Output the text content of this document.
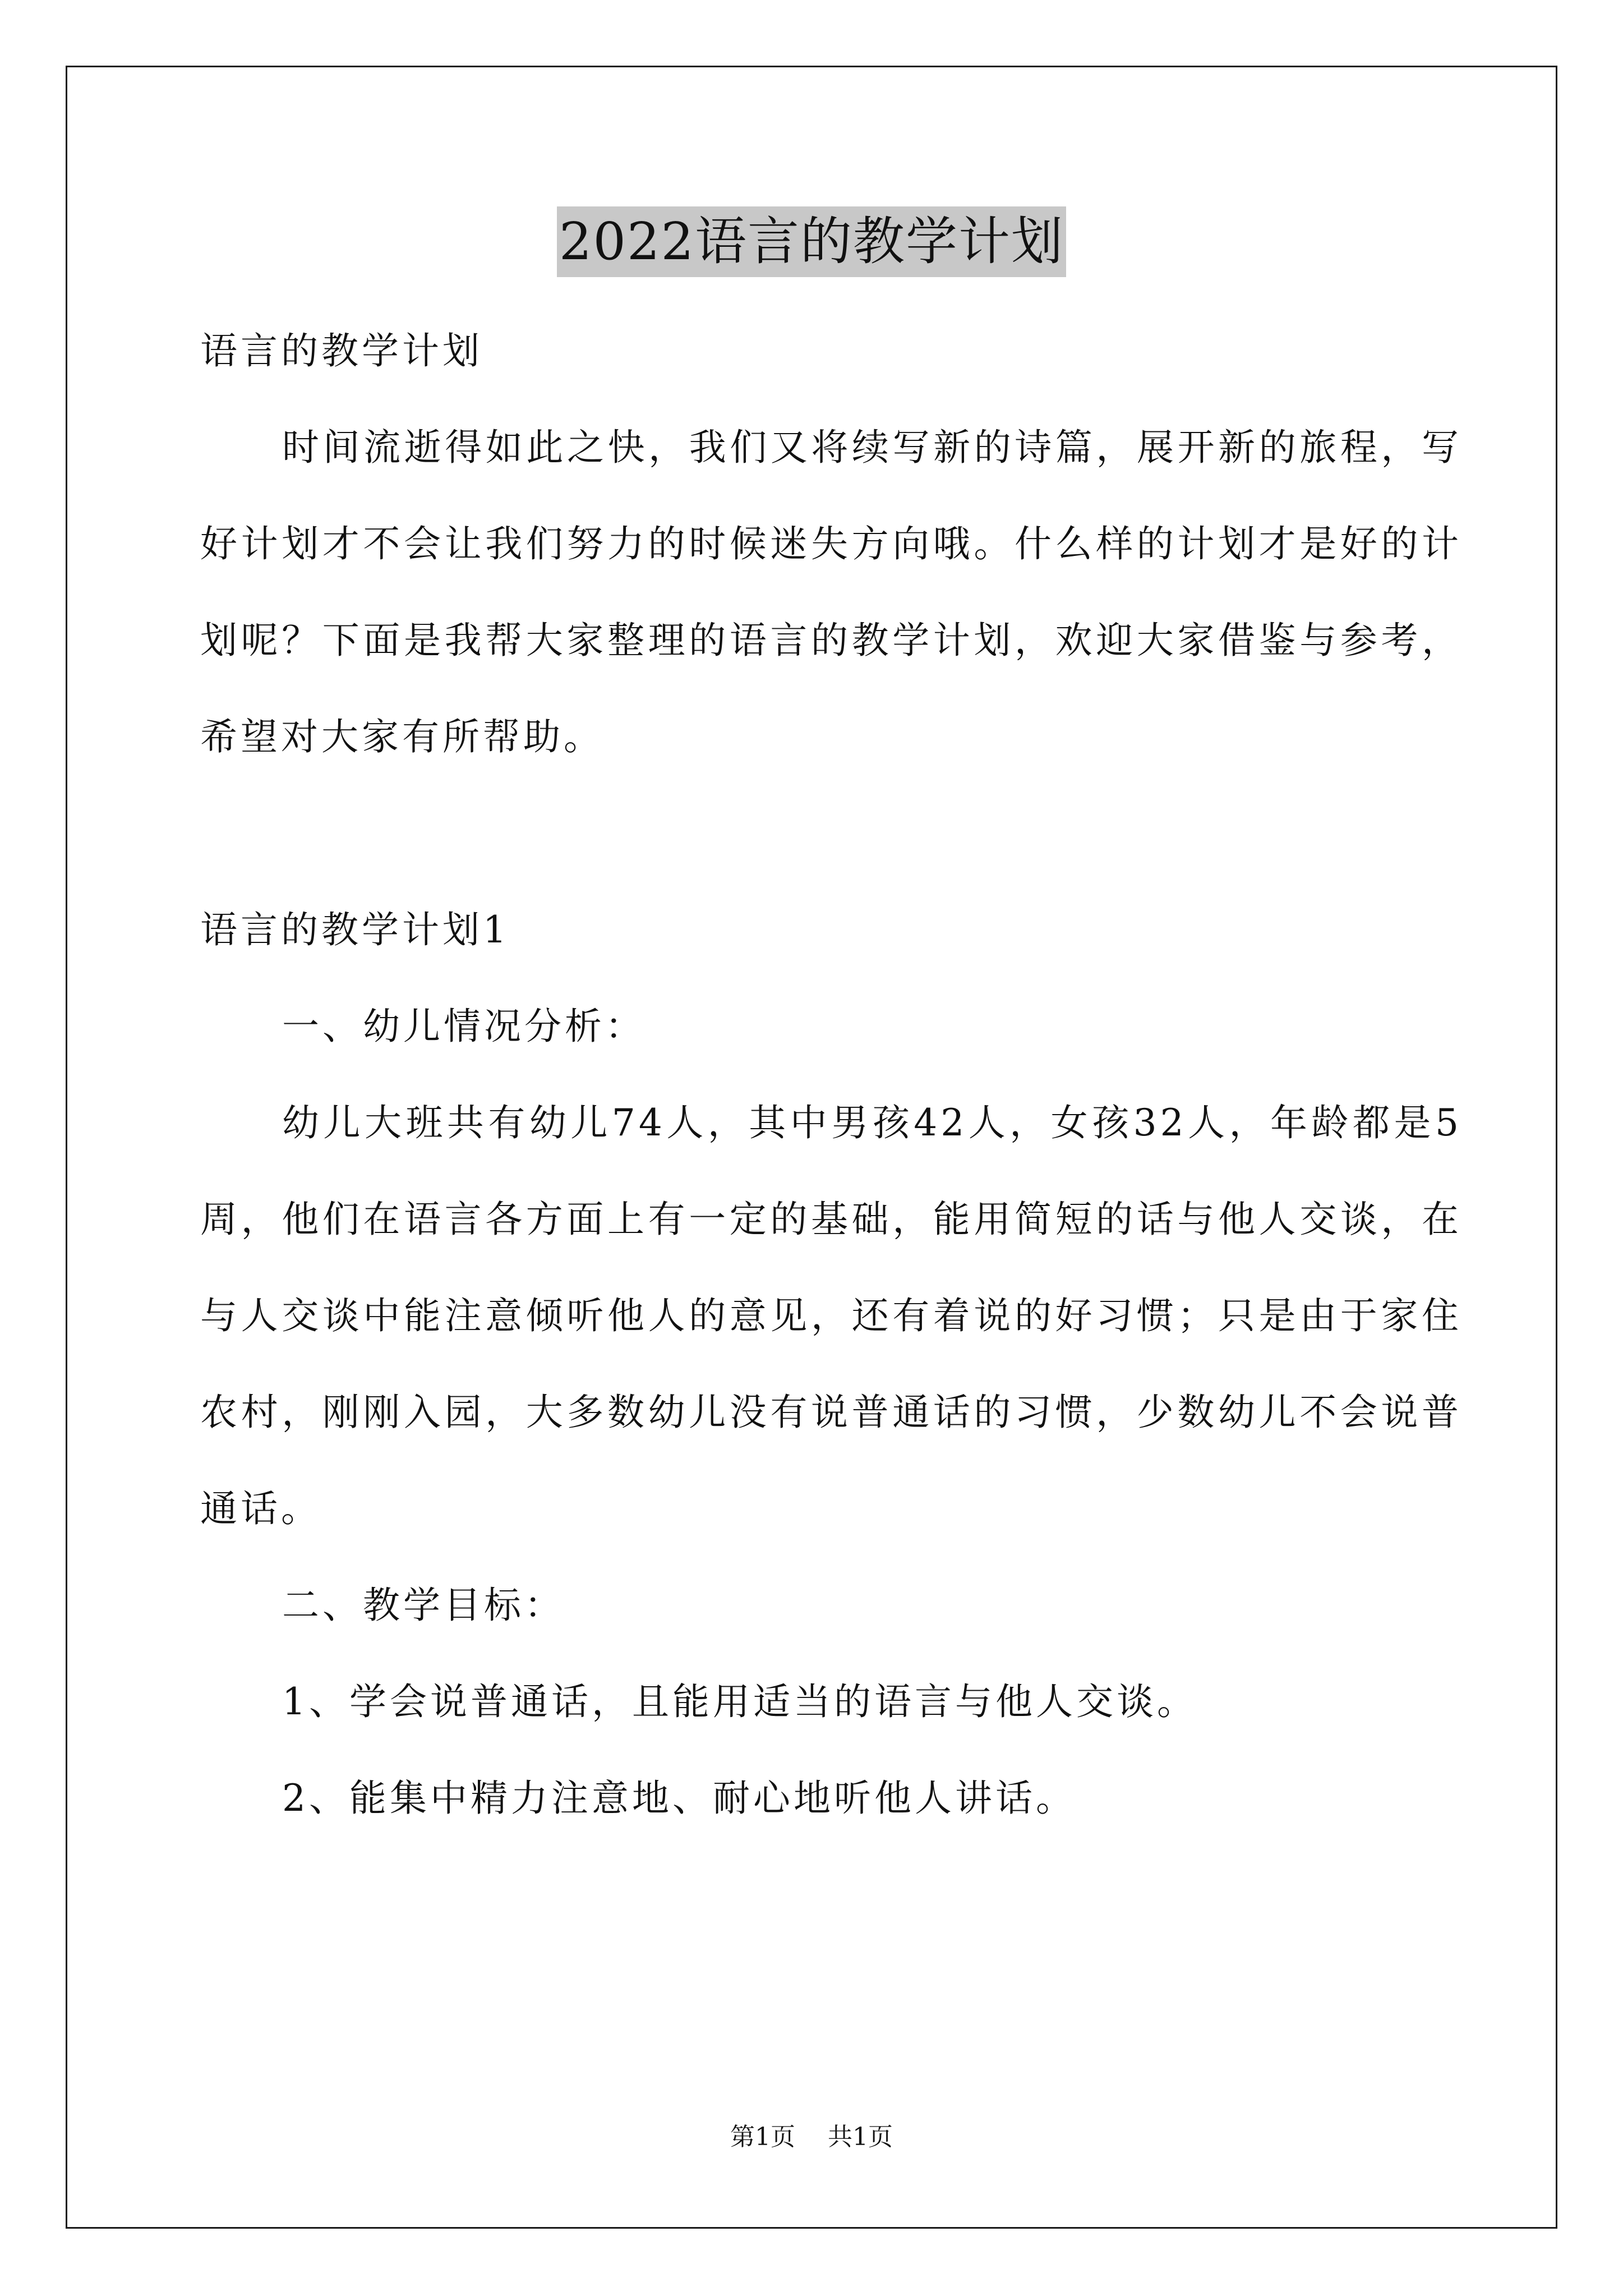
2022语言的教学计划

语言的教学计划

时间流逝得如此之快，我们又将续写新的诗篇，展开新的旅程，写好计划才不会让我们努力的时候迷失方向哦。什么样的计划才是好的计划呢？下面是我帮大家整理的语言的教学计划，欢迎大家借鉴与参考，希望对大家有所帮助。

语言的教学计划1

一、幼儿情况分析：

幼儿大班共有幼儿74人，其中男孩42人，女孩32人，年龄都是5周，他们在语言各方面上有一定的基础，能用简短的话与他人交谈，在与人交谈中能注意倾听他人的意见，还有着说的好习惯；只是由于家住农村，刚刚入园，大多数幼儿没有说普通话的习惯，少数幼儿不会说普通话。

二、教学目标：

1、学会说普通话，且能用适当的语言与他人交谈。

2、能集中精力注意地、耐心地听他人讲话。

第1页 共1页
